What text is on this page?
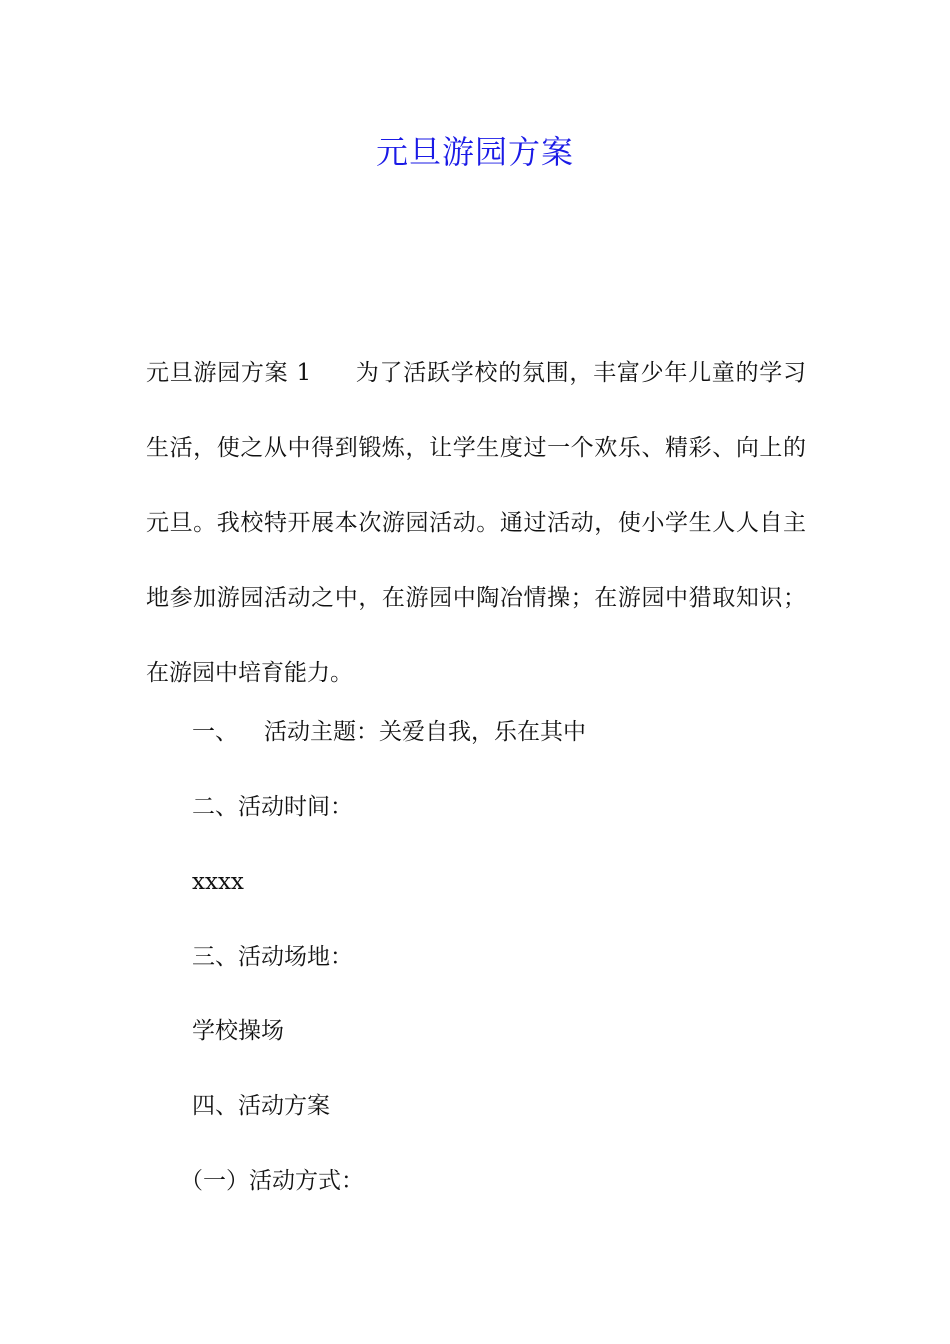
元旦游园方案
元旦游园方案 1 为了活跃学校的氛围，丰富少年儿童的学习生活，使之从中得到锻炼，让学生度过一个欢乐、精彩、向上的元旦。我校特开展本次游园活动。通过活动，使小学生人人自主地参加游园活动之中，在游园中陶冶情操；在游园中猎取知识；在游园中培育能力。
一、 活动主题：关爱自我，乐在其中
二、活动时间：
xxxx
三、活动场地：
学校操场
四、活动方案
（一）活动方式：
